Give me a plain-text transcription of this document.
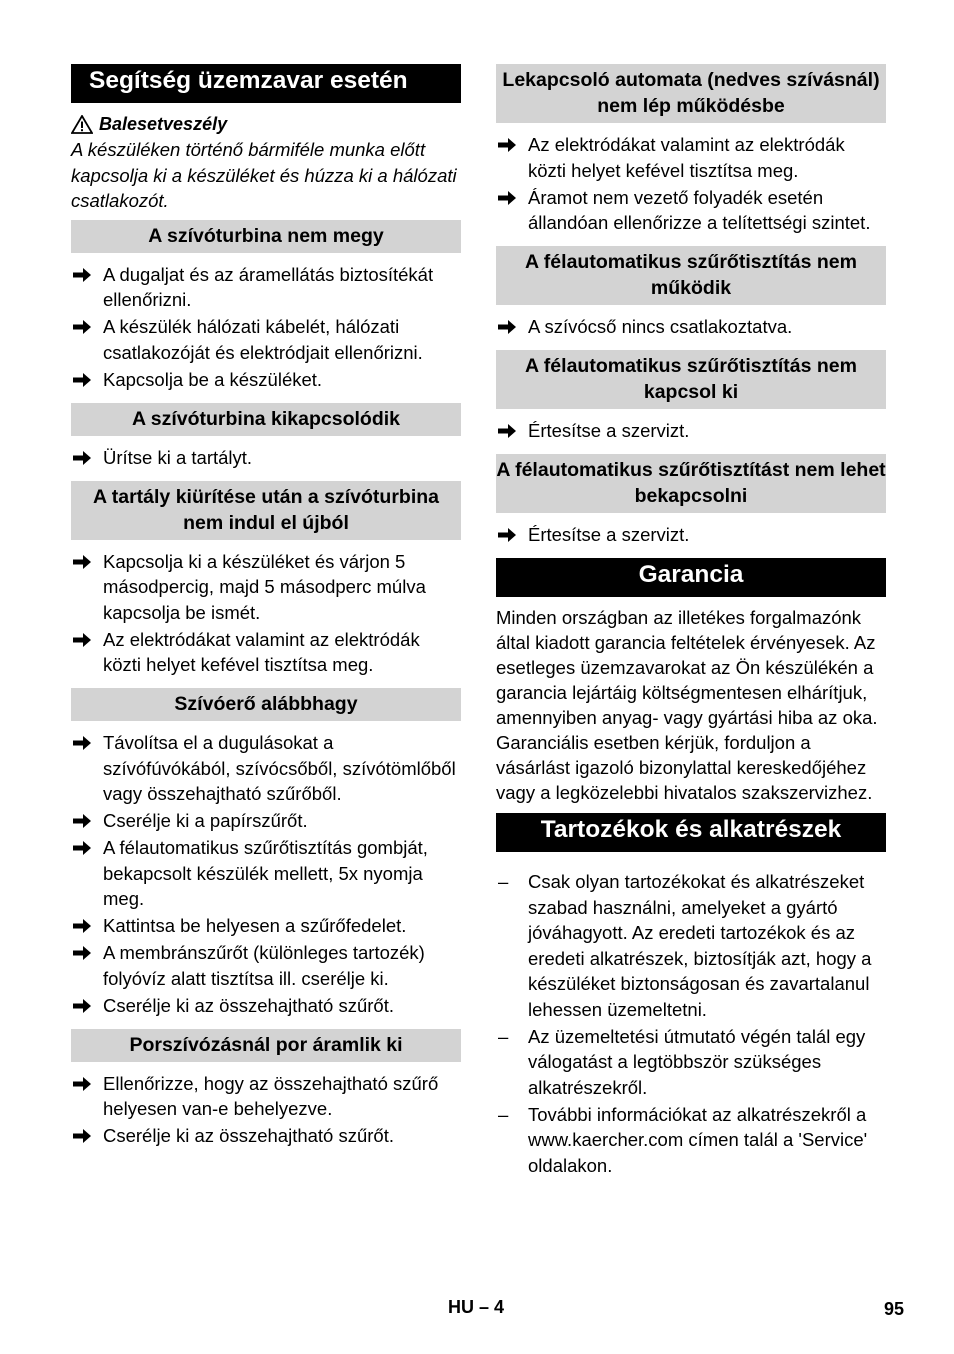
Segítség üzemzavar esetén
Balesetveszély
A készüléken történő bármiféle munka előtt kapcsolja ki a készüléket és húzza ki a hálózati csatlakozót.
A szívóturbina nem megy
A dugaljat és az áramellátás biztosítékát ellenőrizni.
A készülék hálózati kábelét, hálózati csatlakozóját és elektródjait ellenőrizni.
Kapcsolja be a készüléket.
A szívóturbina kikapcsolódik
Ürítse ki a tartályt.
A tartály kiürítése után a szívóturbina nem indul el újból
Kapcsolja ki a készüléket és várjon 5 másodpercig, majd 5 másodperc múlva kapcsolja be ismét.
Az elektródákat valamint az elektródák közti helyet kefével tisztítsa meg.
Szívóerő alábbhagy
Távolítsa el a dugulásokat a szívófúvókából, szívócsőből, szívótömlőből vagy összehajtható szűrőből.
Cserélje ki a papírszűrőt.
A félautomatikus szűrőtisztítás gombját, bekapcsolt készülék mellett, 5x nyomja meg.
Kattintsa be helyesen a szűrőfedelet.
A membránszűrőt (különleges tartozék) folyóvíz alatt tisztítsa ill. cserélje ki.
Cserélje ki az összehajtható szűrőt.
Porszívózásnál por áramlik ki
Ellenőrizze, hogy az összehajtható szűrő helyesen van-e behelyezve.
Cserélje ki az összehajtható szűrőt.
Lekapcsoló automata (nedves szívásnál) nem lép működésbe
Az elektródákat valamint az elektródák közti helyet kefével tisztítsa meg.
Áramot nem vezető folyadék esetén állandóan ellenőrizze a telítettségi szintet.
A félautomatikus szűrőtisztítás nem működik
A szívócső nincs csatlakoztatva.
A félautomatikus szűrőtisztítás nem kapcsol ki
Értesítse a szervizt.
A félautomatikus szűrőtisztítást nem lehet bekapcsolni
Értesítse a szervizt.
Garancia
Minden országban az illetékes forgalmazónk által kiadott garancia feltételek érvényesek. Az esetleges üzemzavarokat az Ön készülékén a garancia lejártáig költségmentesen elhárítjuk, amennyiben anyag- vagy gyártási hiba az oka. Garanciális esetben kérjük, forduljon a vásárlást igazoló bizonylattal kereskedőjéhez vagy a legközelebbi hivatalos szakszervizhez.
Tartozékok és alkatrészek
– Csak olyan tartozékokat és alkatrészeket szabad használni, amelyeket a gyártó jóváhagyott. Az eredeti tartozékok és az eredeti alkatrészek, biztosítják azt, hogy a készüléket biztonságosan és zavartalanul lehessen üzemeltetni.
– Az üzemeltetési útmutató végén talál egy válogatást a legtöbbször szükséges alkatrészekről.
– További információkat az alkatrészekről a www.kaercher.com címen talál a 'Service' oldalakon.
HU – 4	95
